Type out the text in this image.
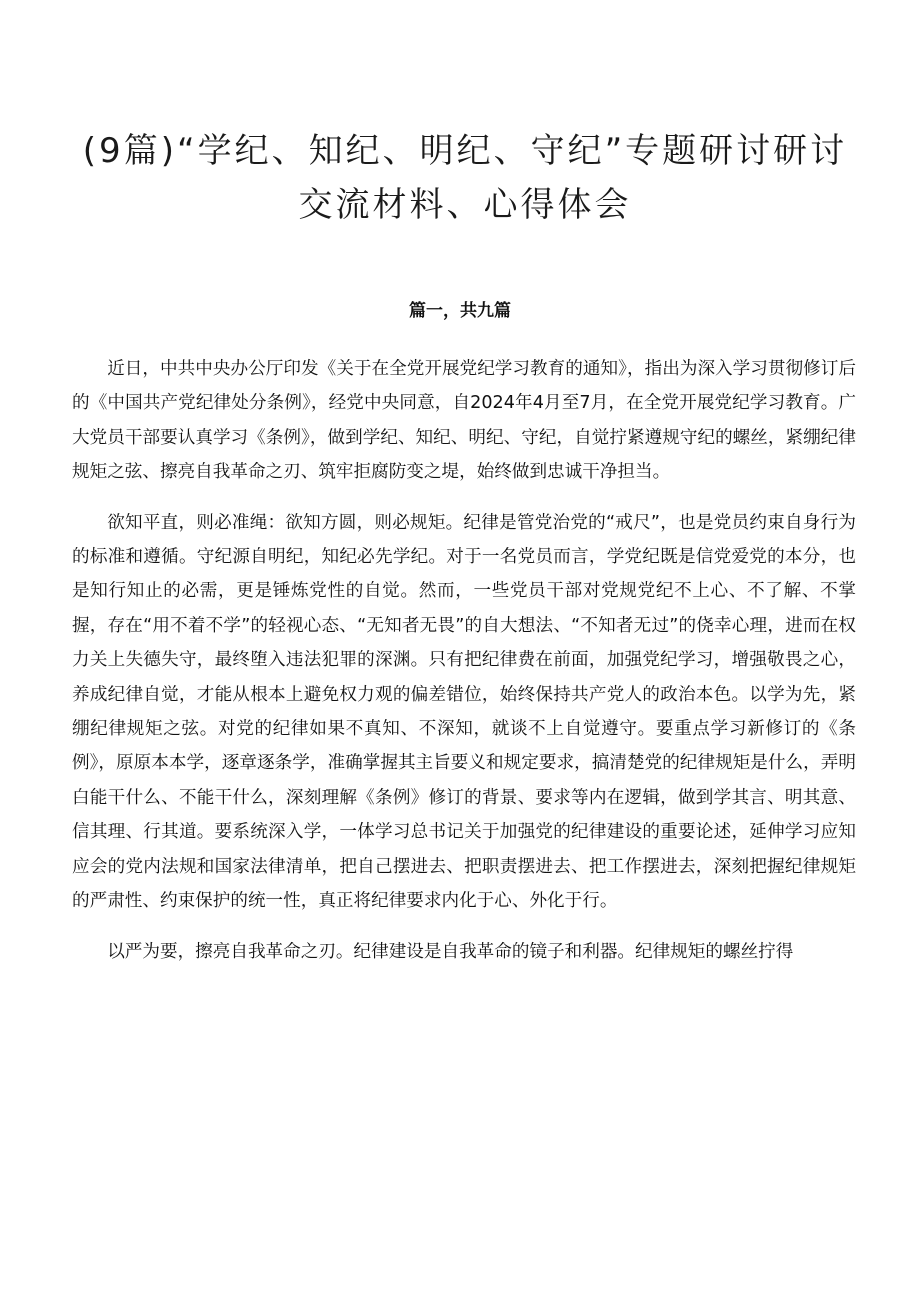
(9篇)“学纪、知纪、明纪、守纪”专题研讨研讨
交流材料、心得体会
篇一，共九篇

近日，中共中央办公厅印发《关于在全党开展党纪学习教育的通知》，指出为深入学习贯彻修订后的《中国共产党纪律处分条例》，经党中央同意，自2024年4月至7月，在全党开展党纪学习教育。广大党员干部要认真学习《条例》，做到学纪、知纪、明纪、守纪，自觉拧紧遵规守纪的螺丝，紧绷纪律规矩之弦、擦亮自我革命之刃、筑牢拒腐防变之堤，始终做到忠诚干净担当。

欲知平直，则必准绳：欲知方圆，则必规矩。纪律是管党治党的“戒尺”，也是党员约束自身行为的标准和遵循。守纪源自明纪，知纪必先学纪。对于一名党员而言，学党纪既是信党爱党的本分，也是知行知止的必需，更是锤炼党性的自觉。然而，一些党员干部对党规党纪不上心、不了解、不掌握，存在“用不着不学”的轻视心态、“无知者无畏”的自大想法、“不知者无过”的侥幸心理，进而在权力关上失德失守，最终堕入违法犯罪的深渊。只有把纪律费在前面，加强党纪学习，增强敬畏之心，养成纪律自觉，才能从根本上避免权力观的偏差错位，始终保持共产党人的政治本色。以学为先，紧绷纪律规矩之弦。对党的纪律如果不真知、不深知，就谈不上自觉遵守。要重点学习新修订的《条例》，原原本本学，逐章逐条学，准确掌握其主旨要义和规定要求，搞清楚党的纪律规矩是什么，弄明白能干什么、不能干什么，深刻理解《条例》修订的背景、要求等内在逻辑，做到学其言、明其意、信其理、行其道。要系统深入学，一体学习总书记关于加强党的纪律建设的重要论述，延伸学习应知应会的党内法规和国家法律清单，把自己摆进去、把职责摆进去、把工作摆进去，深刻把握纪律规矩的严肃性、约束保护的统一性，真正将纪律要求内化于心、外化于行。

以严为要，擦亮自我革命之刃。纪律建设是自我革命的镜子和利器。纪律规矩的螺丝拧得
